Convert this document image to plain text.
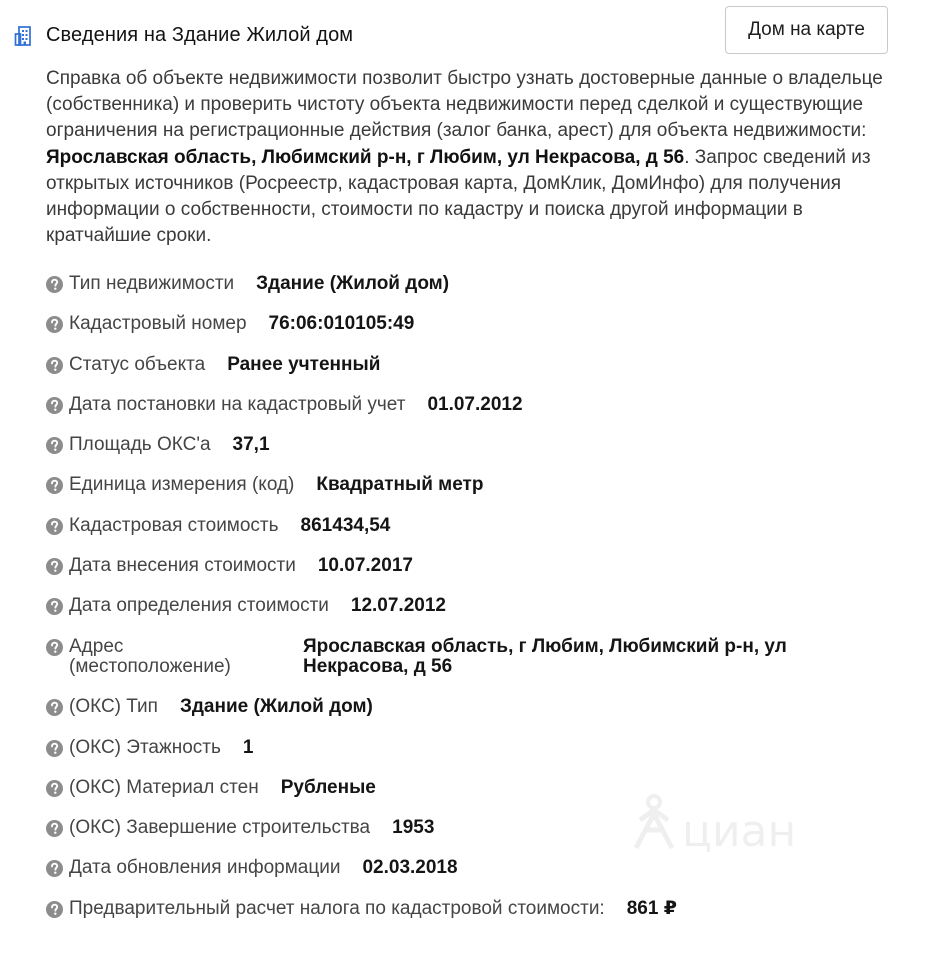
Сведения на Здание Жилой дом	Дом на карте

Справка об объекте недвижимости позволит быстро узнать достоверные данные о владельце (собственника) и проверить чистоту объекта недвижимости перед сделкой и существующие ограничения на регистрационные действия (залог банка, арест) для объекта недвижимости: Ярославская область, Любимский р-н, г Любим, ул Некрасова, д 56. Запрос сведений из открытых источников (Росреестр, кадастровая карта, ДомКлик, ДомИнфо) для получения информации о собственности, стоимости по кадастру и поиска другой информации в кратчайшие сроки.

Тип недвижимости Здание (Жилой дом)
Кадастровый номер 76:06:010105:49
Статус объекта Ранее учтенный
Дата постановки на кадастровый учет 01.07.2012
Площадь ОКС'a 37,1
Единица измерения (код) Квадратный метр
Кадастровая стоимость 861434,54
Дата внесения стоимости 10.07.2017
Дата определения стоимости 12.07.2012
Адрес (местоположение)
Ярославская область, г Любим, Любимский р-н, ул Некрасова, д 56
(ОКС) Тип Здание (Жилой дом)
(ОКС) Этажность 1
(ОКС) Материал стен Рубленые
(ОКС) Завершение строительства 1953
Дата обновления информации 02.03.2018
Предварительный расчет налога по кадастровой стоимости: 861 ₽
циан
